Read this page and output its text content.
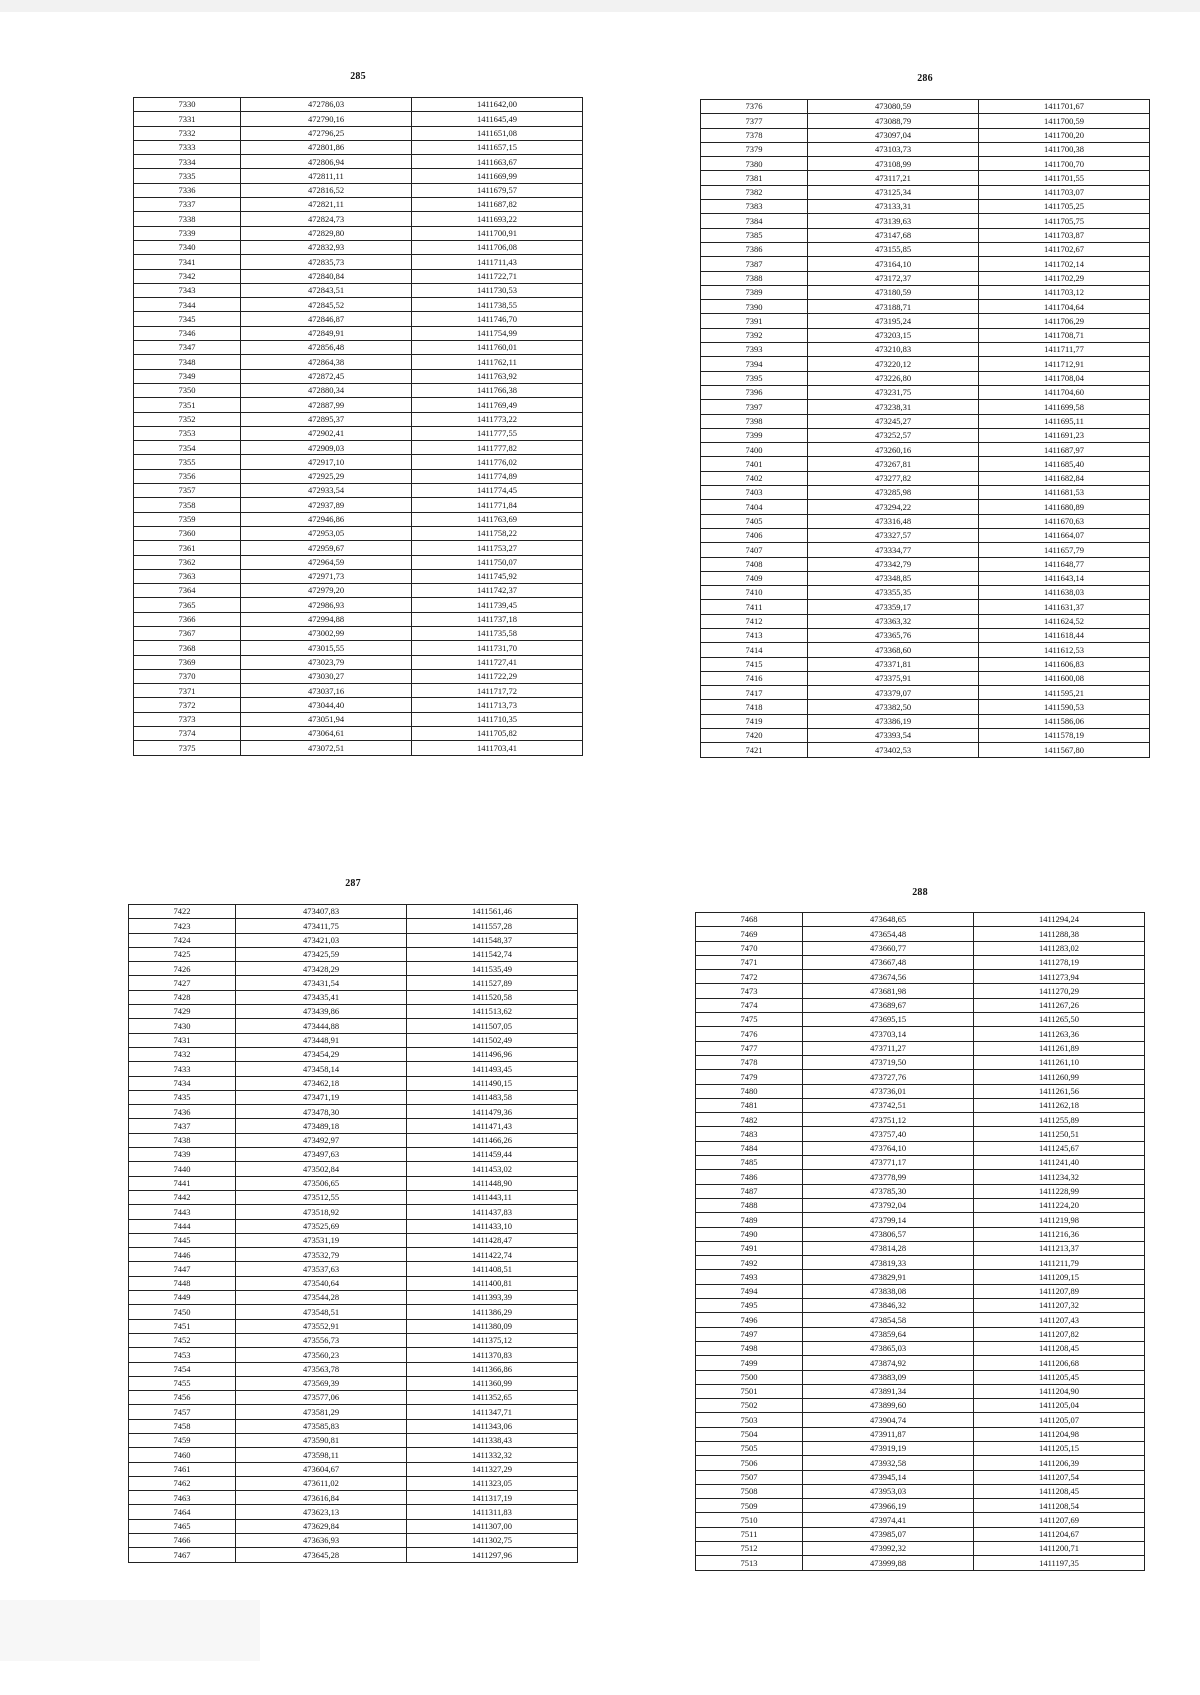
285
7330	472786,03	1411642,00
7331	472790,16	1411645,49
7332	472796,25	1411651,08
7333	472801,86	1411657,15
7334	472806,94	1411663,67
7335	472811,11	1411669,99
7336	472816,52	1411679,57
7337	472821,11	1411687,82
7338	472824,73	1411693,22
7339	472829,80	1411700,91
7340	472832,93	1411706,08
7341	472835,73	1411711,43
7342	472840,84	1411722,71
7343	472843,51	1411730,53
7344	472845,52	1411738,55
7345	472846,87	1411746,70
7346	472849,91	1411754,99
7347	472856,48	1411760,01
7348	472864,38	1411762,11
7349	472872,45	1411763,92
7350	472880,34	1411766,38
7351	472887,99	1411769,49
7352	472895,37	1411773,22
7353	472902,41	1411777,55
7354	472909,03	1411777,82
7355	472917,10	1411776,02
7356	472925,29	1411774,89
7357	472933,54	1411774,45
7358	472937,89	1411771,84
7359	472946,86	1411763,69
7360	472953,05	1411758,22
7361	472959,67	1411753,27
7362	472964,59	1411750,07
7363	472971,73	1411745,92
7364	472979,20	1411742,37
7365	472986,93	1411739,45
7366	472994,88	1411737,18
7367	473002,99	1411735,58
7368	473015,55	1411731,70
7369	473023,79	1411727,41
7370	473030,27	1411722,29
7371	473037,16	1411717,72
7372	473044,40	1411713,73
7373	473051,94	1411710,35
7374	473064,61	1411705,82
7375	473072,51	1411703,41
286
7376	473080,59	1411701,67
7377	473088,79	1411700,59
7378	473097,04	1411700,20
7379	473103,73	1411700,38
7380	473108,99	1411700,70
7381	473117,21	1411701,55
7382	473125,34	1411703,07
7383	473133,31	1411705,25
7384	473139,63	1411705,75
7385	473147,68	1411703,87
7386	473155,85	1411702,67
7387	473164,10	1411702,14
7388	473172,37	1411702,29
7389	473180,59	1411703,12
7390	473188,71	1411704,64
7391	473195,24	1411706,29
7392	473203,15	1411708,71
7393	473210,83	1411711,77
7394	473220,12	1411712,91
7395	473226,80	1411708,04
7396	473231,75	1411704,60
7397	473238,31	1411699,58
7398	473245,27	1411695,11
7399	473252,57	1411691,23
7400	473260,16	1411687,97
7401	473267,81	1411685,40
7402	473277,82	1411682,84
7403	473285,98	1411681,53
7404	473294,22	1411680,89
7405	473316,48	1411670,63
7406	473327,57	1411664,07
7407	473334,77	1411657,79
7408	473342,79	1411648,77
7409	473348,85	1411643,14
7410	473355,35	1411638,03
7411	473359,17	1411631,37
7412	473363,32	1411624,52
7413	473365,76	1411618,44
7414	473368,60	1411612,53
7415	473371,81	1411606,83
7416	473375,91	1411600,08
7417	473379,07	1411595,21
7418	473382,50	1411590,53
7419	473386,19	1411586,06
7420	473393,54	1411578,19
7421	473402,53	1411567,80
287
7422	473407,83	1411561,46
7423	473411,75	1411557,28
7424	473421,03	1411548,37
7425	473425,59	1411542,74
7426	473428,29	1411535,49
7427	473431,54	1411527,89
7428	473435,41	1411520,58
7429	473439,86	1411513,62
7430	473444,88	1411507,05
7431	473448,91	1411502,49
7432	473454,29	1411496,96
7433	473458,14	1411493,45
7434	473462,18	1411490,15
7435	473471,19	1411483,58
7436	473478,30	1411479,36
7437	473489,18	1411471,43
7438	473492,97	1411466,26
7439	473497,63	1411459,44
7440	473502,84	1411453,02
7441	473506,65	1411448,90
7442	473512,55	1411443,11
7443	473518,92	1411437,83
7444	473525,69	1411433,10
7445	473531,19	1411428,47
7446	473532,79	1411422,74
7447	473537,63	1411408,51
7448	473540,64	1411400,81
7449	473544,28	1411393,39
7450	473548,51	1411386,29
7451	473552,91	1411380,09
7452	473556,73	1411375,12
7453	473560,23	1411370,83
7454	473563,78	1411366,86
7455	473569,39	1411360,99
7456	473577,06	1411352,65
7457	473581,29	1411347,71
7458	473585,83	1411343,06
7459	473590,81	1411338,43
7460	473598,11	1411332,32
7461	473604,67	1411327,29
7462	473611,02	1411323,05
7463	473616,84	1411317,19
7464	473623,13	1411311,83
7465	473629,84	1411307,00
7466	473636,93	1411302,75
7467	473645,28	1411297,96
288
7468	473648,65	1411294,24
7469	473654,48	1411288,38
7470	473660,77	1411283,02
7471	473667,48	1411278,19
7472	473674,56	1411273,94
7473	473681,98	1411270,29
7474	473689,67	1411267,26
7475	473695,15	1411265,50
7476	473703,14	1411263,36
7477	473711,27	1411261,89
7478	473719,50	1411261,10
7479	473727,76	1411260,99
7480	473736,01	1411261,56
7481	473742,51	1411262,18
7482	473751,12	1411255,89
7483	473757,40	1411250,51
7484	473764,10	1411245,67
7485	473771,17	1411241,40
7486	473778,99	1411234,32
7487	473785,30	1411228,99
7488	473792,04	1411224,20
7489	473799,14	1411219,98
7490	473806,57	1411216,36
7491	473814,28	1411213,37
7492	473819,33	1411211,79
7493	473829,91	1411209,15
7494	473838,08	1411207,89
7495	473846,32	1411207,32
7496	473854,58	1411207,43
7497	473859,64	1411207,82
7498	473865,03	1411208,45
7499	473874,92	1411206,68
7500	473883,09	1411205,45
7501	473891,34	1411204,90
7502	473899,60	1411205,04
7503	473904,74	1411205,07
7504	473911,87	1411204,98
7505	473919,19	1411205,15
7506	473932,58	1411206,39
7507	473945,14	1411207,54
7508	473953,03	1411208,45
7509	473966,19	1411208,54
7510	473974,41	1411207,69
7511	473985,07	1411204,67
7512	473992,32	1411200,71
7513	473999,88	1411197,35
